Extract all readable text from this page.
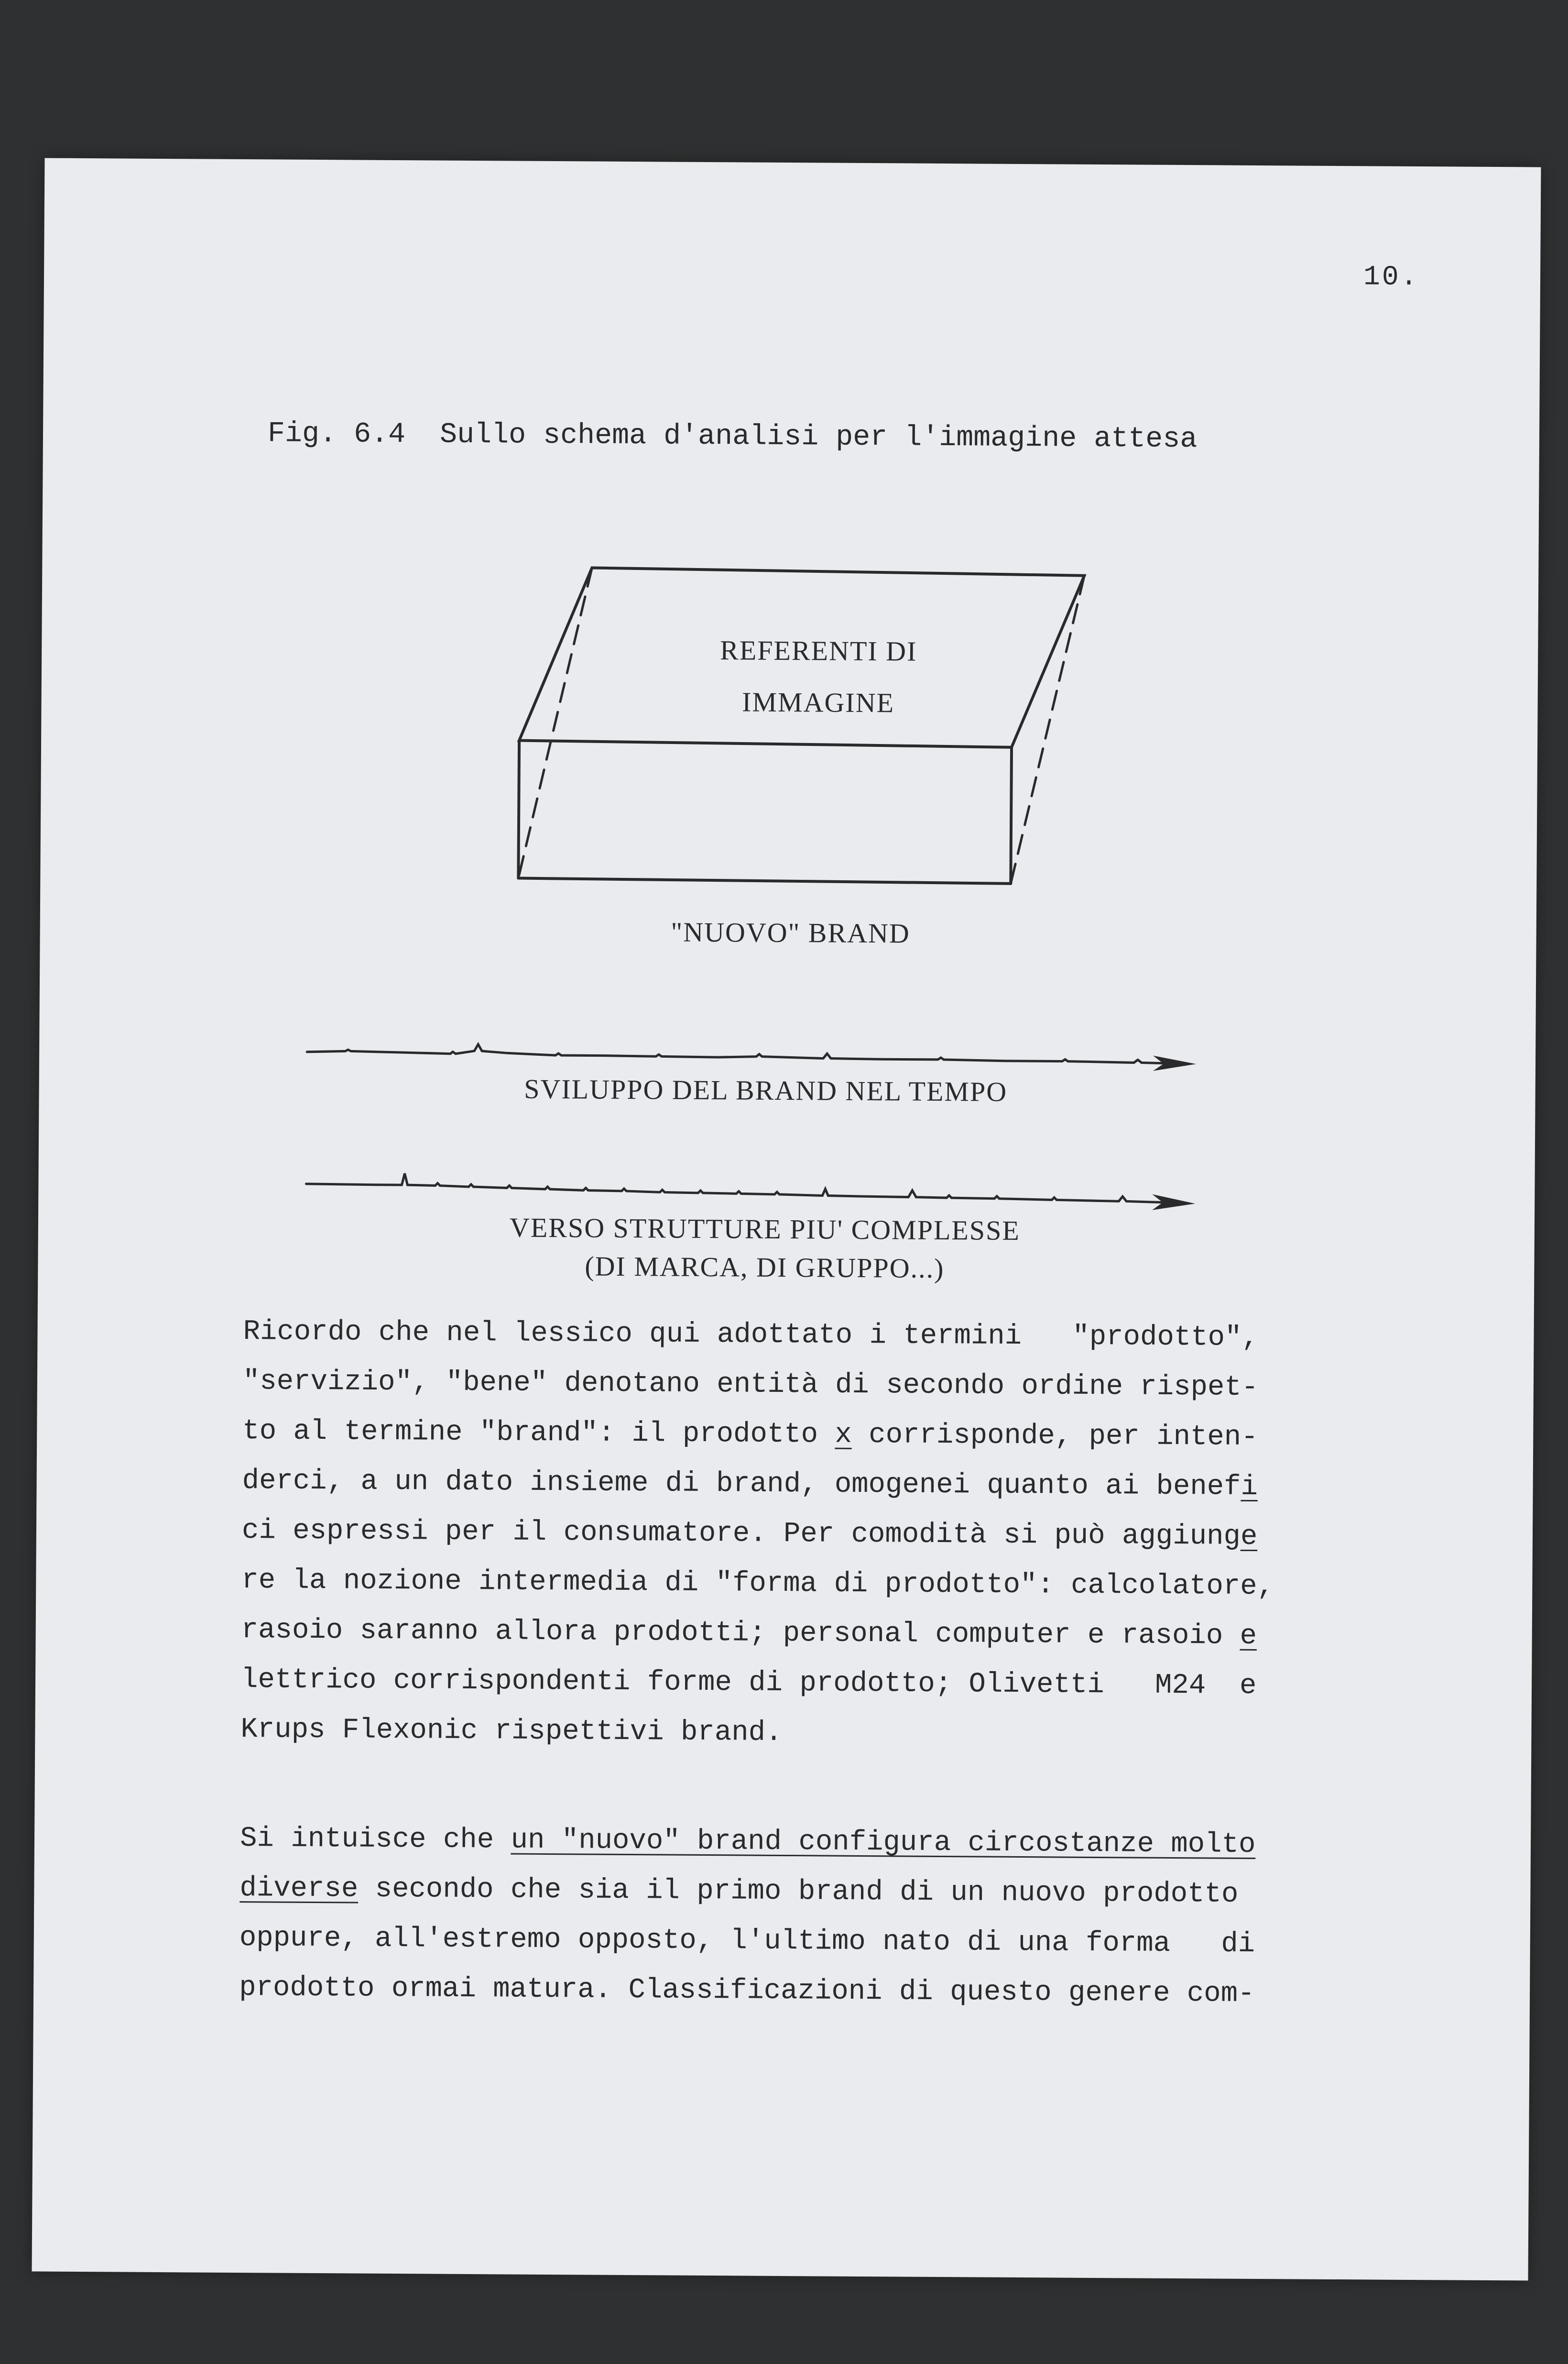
10.
Fig. 6.4  Sullo schema d'analisi per l'immagine attesa
REFERENTI DI
IMMAGINE
"NUOVO" BRAND
SVILUPPO DEL BRAND NEL TEMPO
VERSO STRUTTURE PIU' COMPLESSE
(DI MARCA, DI GRUPPO...)
Ricordo che nel lessico qui adottato i termini   "prodotto",
"servizio", "bene" denotano entità di secondo ordine rispet-
to al termine "brand": il prodotto x corrisponde, per inten-
derci, a un dato insieme di brand, omogenei quanto ai benefi
ci espressi per il consumatore. Per comodità si può aggiunge
re la nozione intermedia di "forma di prodotto": calcolatore,
rasoio saranno allora prodotti; personal computer e rasoio e
lettrico corrispondenti forme di prodotto; Olivetti   M24  e
Krups Flexonic rispettivi brand.
Si intuisce che un "nuovo" brand configura circostanze molto
diverse secondo che sia il primo brand di un nuovo prodotto
oppure, all'estremo opposto, l'ultimo nato di una forma   di
prodotto ormai matura. Classificazioni di questo genere com-
